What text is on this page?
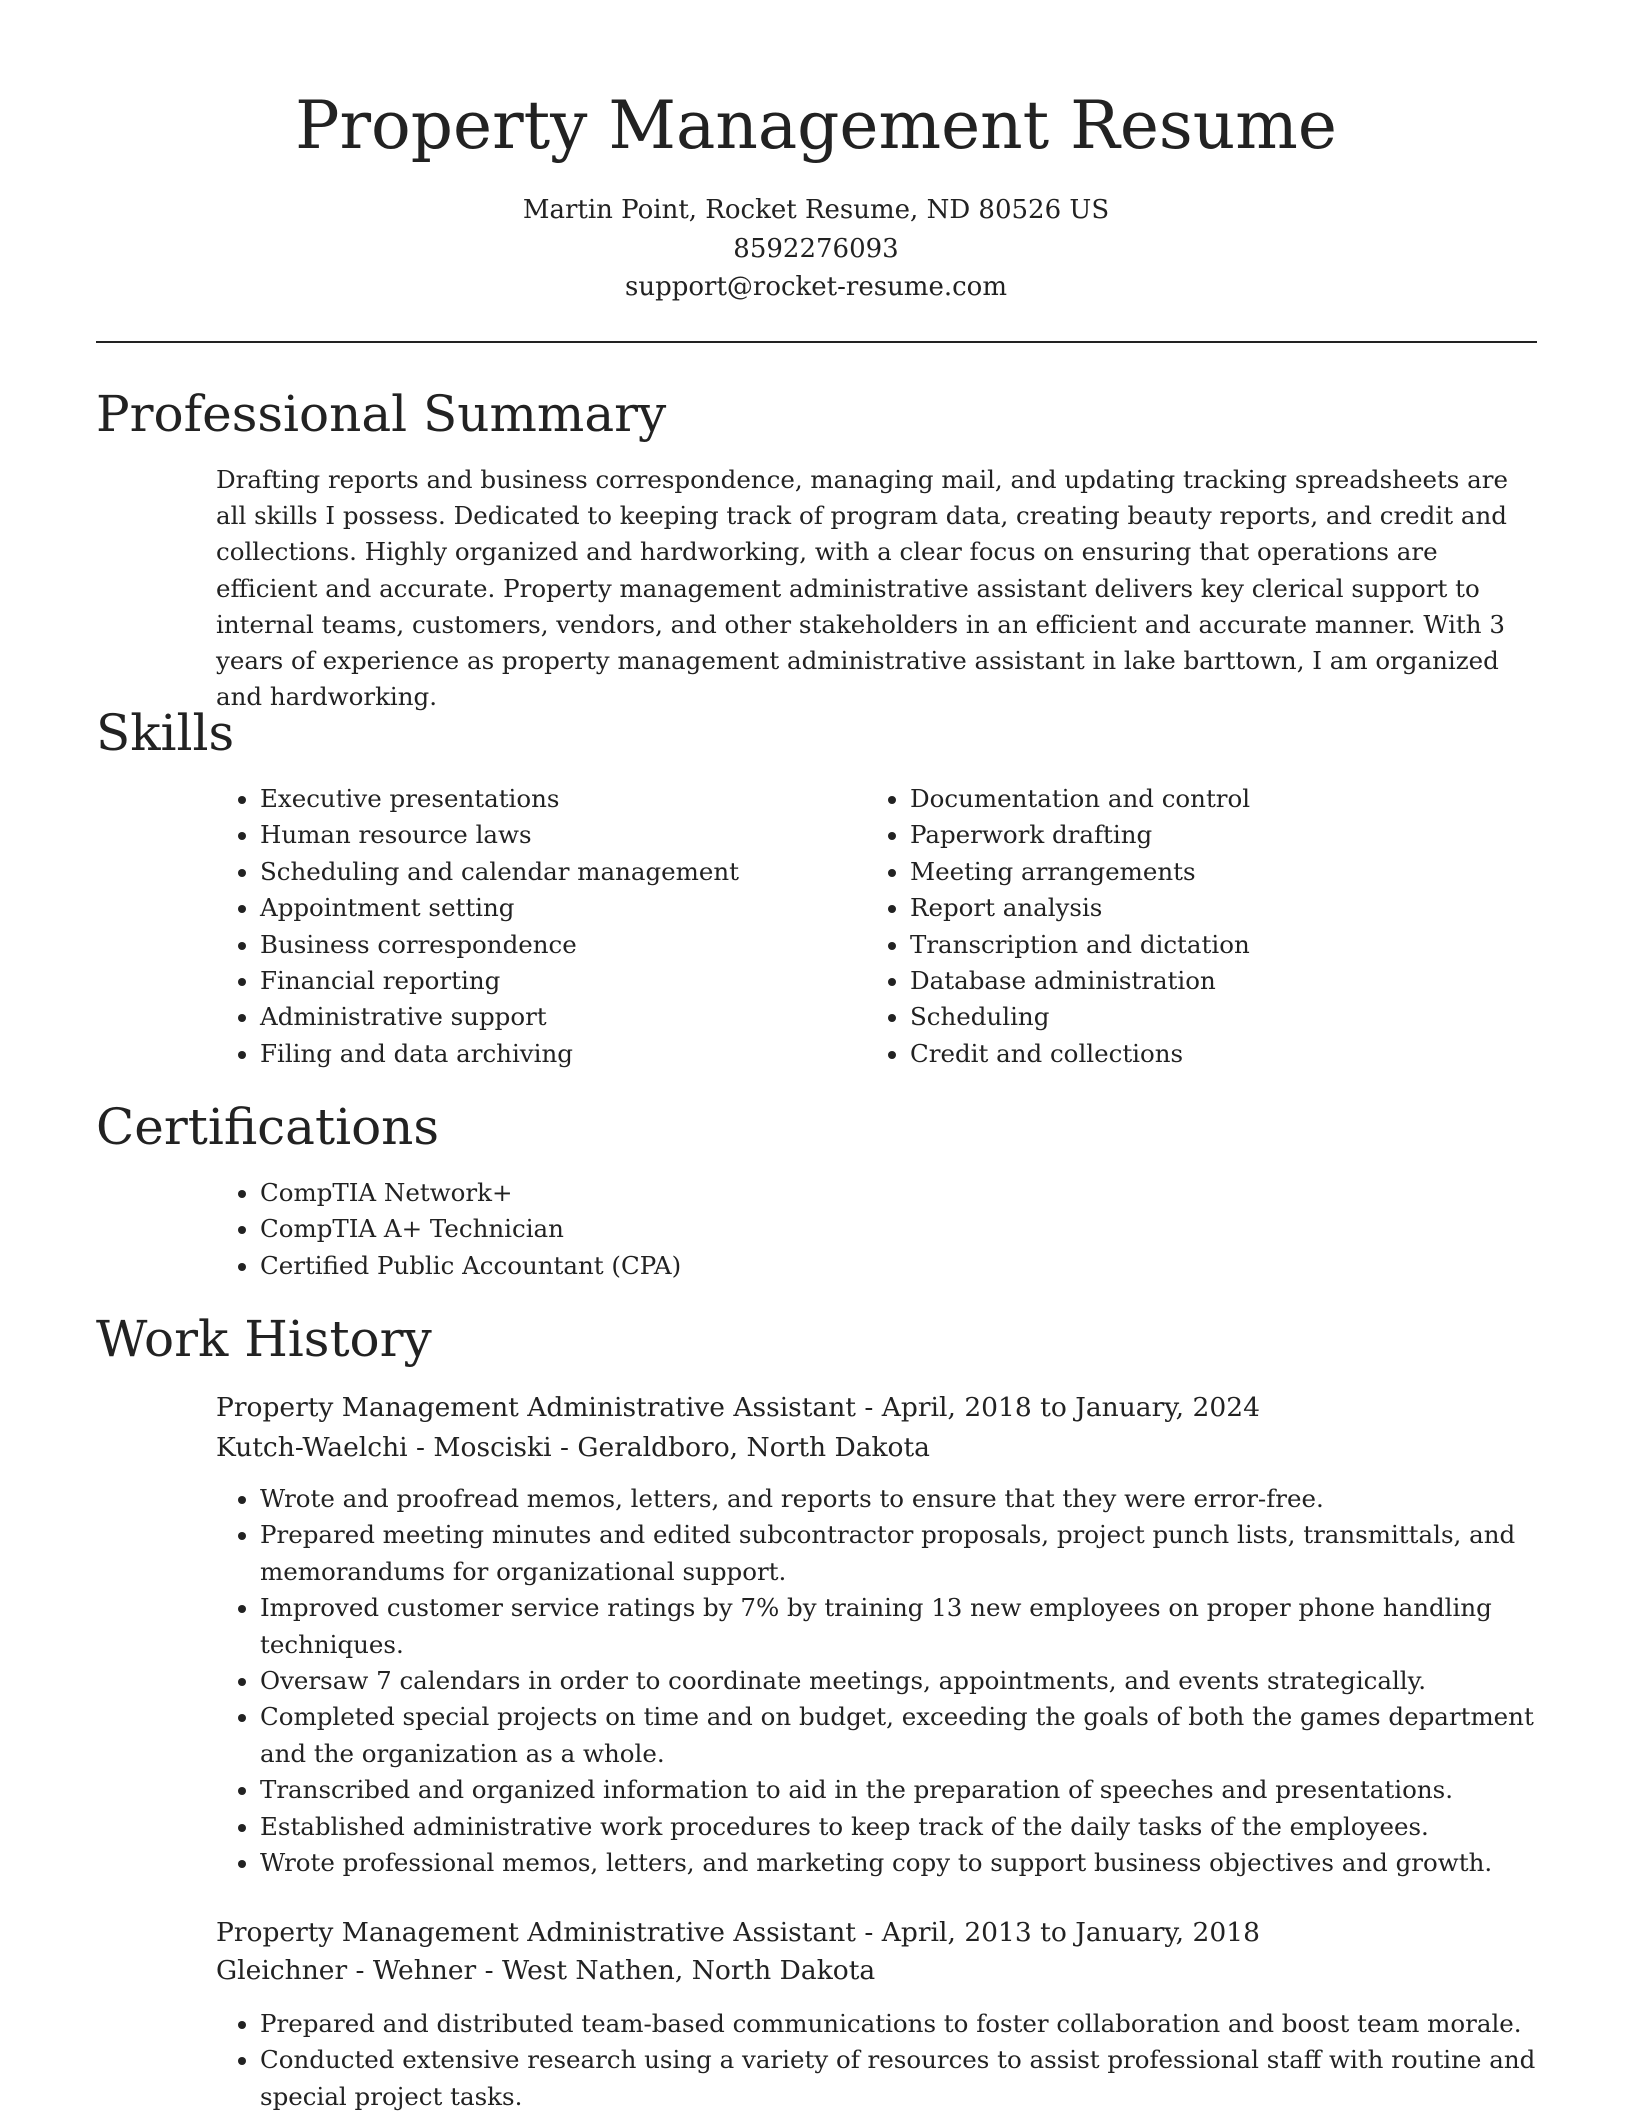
Property Management Resume
Martin Point, Rocket Resume, ND 80526 US
8592276093
support@rocket-resume.com
Professional Summary

Drafting reports and business correspondence, managing mail, and updating tracking spreadsheets are all skills I possess. Dedicated to keeping track of program data, creating beauty reports, and credit and collections. Highly organized and hardworking, with a clear focus on ensuring that operations are efficient and accurate. Property management administrative assistant delivers key clerical support to internal teams, customers, vendors, and other stakeholders in an efficient and accurate manner. With 3 years of experience as property management administrative assistant in lake barttown, I am organized and hardworking.

Skills
• Executive presentations
• Human resource laws
• Scheduling and calendar management
• Appointment setting
• Business correspondence
• Financial reporting
• Administrative support
• Filing and data archiving
• Documentation and control
• Paperwork drafting
• Meeting arrangements
• Report analysis
• Transcription and dictation
• Database administration
• Scheduling
• Credit and collections
Certifications
• CompTIA Network+
• CompTIA A+ Technician
• Certified Public Accountant (CPA)
Work History
Property Management Administrative Assistant - April, 2018 to January, 2024
Kutch-Waelchi - Mosciski - Geraldboro, North Dakota
• Wrote and proofread memos, letters, and reports to ensure that they were error-free.
• Prepared meeting minutes and edited subcontractor proposals, project punch lists, transmittals, and memorandums for organizational support.
• Improved customer service ratings by 7% by training 13 new employees on proper phone handling techniques.
• Oversaw 7 calendars in order to coordinate meetings, appointments, and events strategically.
• Completed special projects on time and on budget, exceeding the goals of both the games department and the organization as a whole.
• Transcribed and organized information to aid in the preparation of speeches and presentations.
• Established administrative work procedures to keep track of the daily tasks of the employees.
• Wrote professional memos, letters, and marketing copy to support business objectives and growth.
Property Management Administrative Assistant - April, 2013 to January, 2018
Gleichner - Wehner - West Nathen, North Dakota
• Prepared and distributed team-based communications to foster collaboration and boost team morale.
• Conducted extensive research using a variety of resources to assist professional staff with routine and special project tasks.
